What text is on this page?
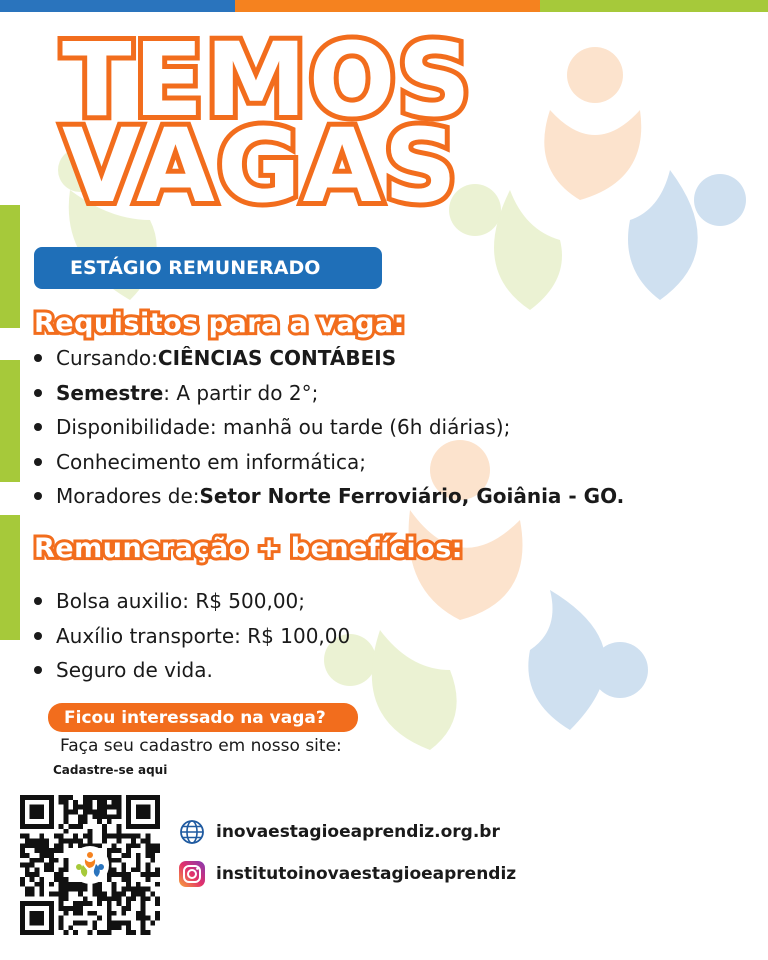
TEMOS
VAGAS
ESTÁGIO REMUNERADO
Requisitos para a vaga:
Cursando: CIÊNCIAS CONTÁBEIS
Semestre : A partir do 2°;
Disponibilidade: manhã ou tarde (6h diárias);
Conhecimento em informática;
Moradores de: Setor Norte Ferroviário, Goiânia - GO.
Remuneração + benefícios:
Bolsa auxilio: R$ 500,00;
Auxílio transporte: R$ 100,00
Seguro de vida.
Ficou interessado na vaga?
Faça seu cadastro em nosso site:
Cadastre-se aqui
inovaestagioeaprendiz.org.br
institutoinovaestagioeaprendiz
